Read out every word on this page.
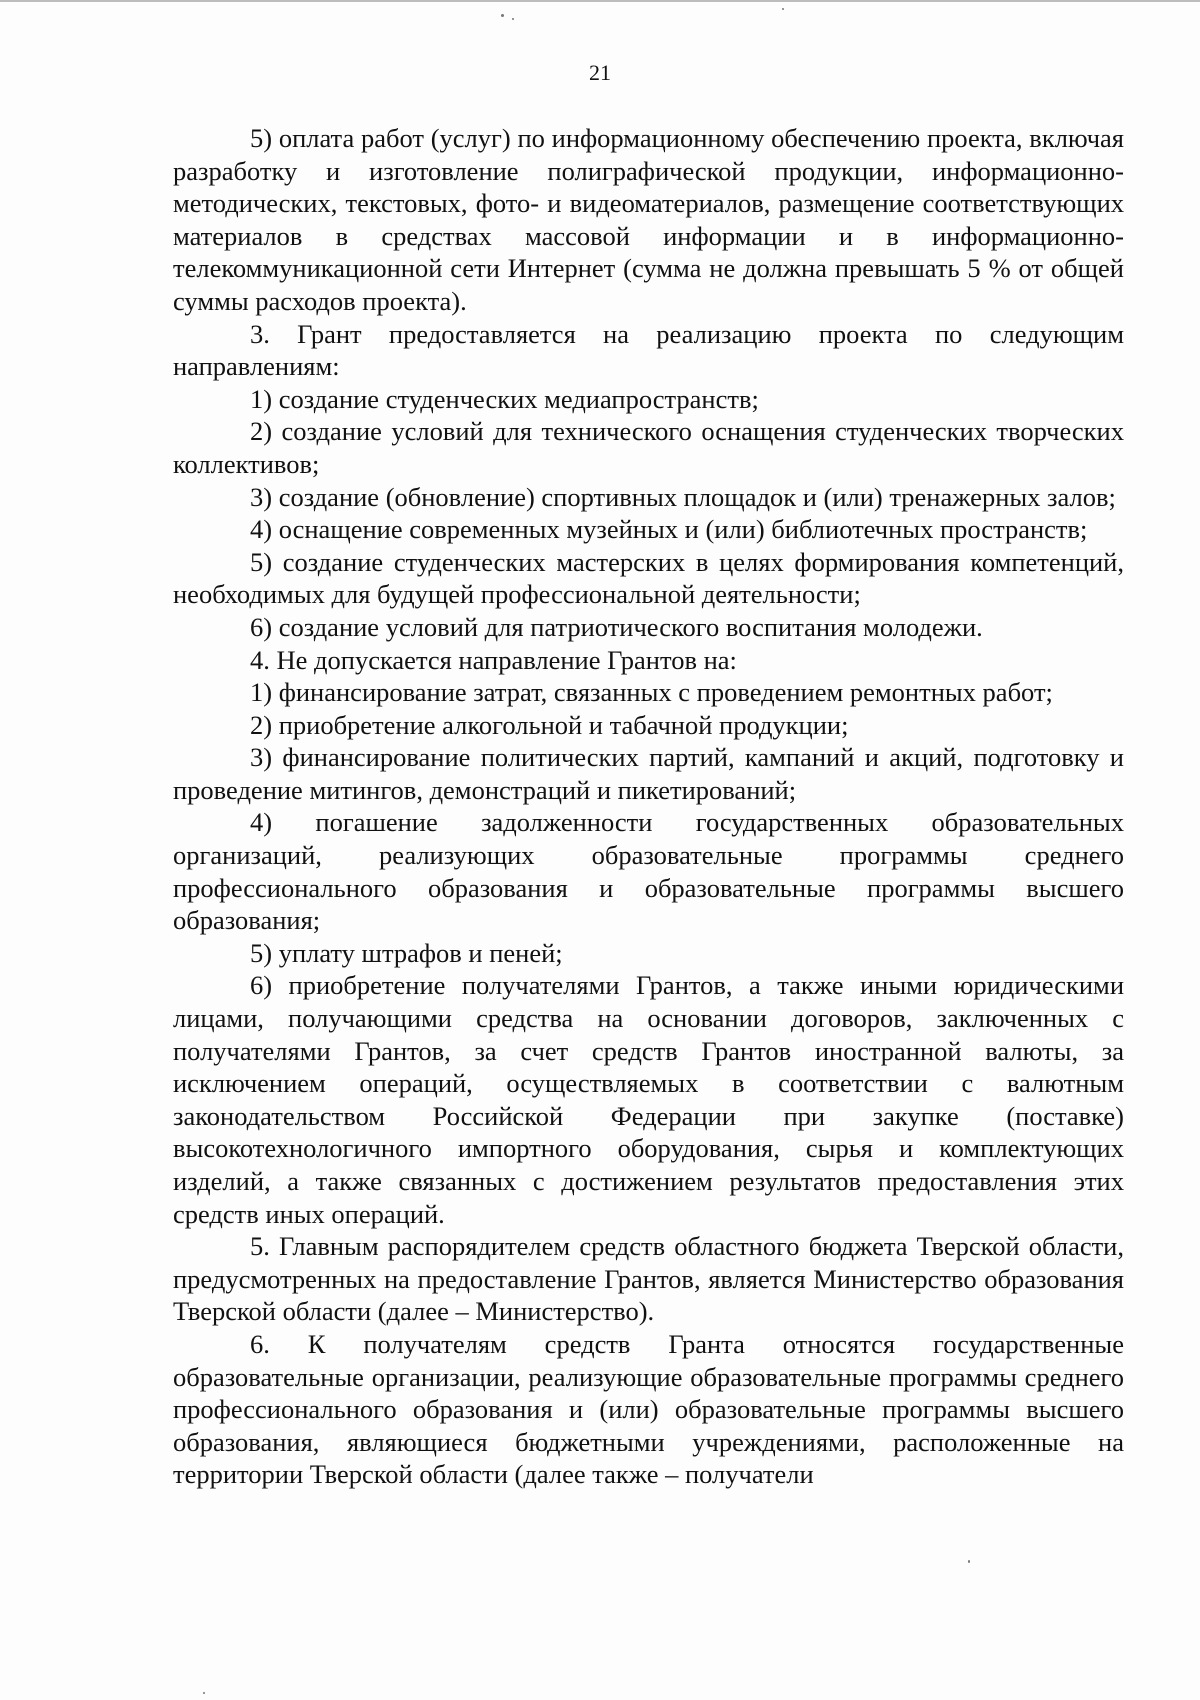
21

5) оплата работ (услуг) по информационному обеспечению проекта, включая разработку и изготовление полиграфической продукции, информационно-методических, текстовых, фото- и видеоматериалов, размещение соответствующих материалов в средствах массовой информации и в информационно-телекоммуникационной сети Интернет (сумма не должна превышать 5 % от общей суммы расходов проекта).

3. Грант предоставляется на реализацию проекта по следующим направлениям:

1) создание студенческих медиапространств;

2) создание условий для технического оснащения студенческих творческих коллективов;

3) создание (обновление) спортивных площадок и (или) тренажерных залов;

4) оснащение современных музейных и (или) библиотечных пространств;

5) создание студенческих мастерских в целях формирования компетенций, необходимых для будущей профессиональной деятельности;

6) создание условий для патриотического воспитания молодежи.

4. Не допускается направление Грантов на:

1) финансирование затрат, связанных с проведением ремонтных работ;

2) приобретение алкогольной и табачной продукции;

3) финансирование политических партий, кампаний и акций, подготовку и проведение митингов, демонстраций и пикетирований;

4) погашение задолженности государственных образовательных организаций, реализующих образовательные программы среднего профессионального образования и образовательные программы высшего образования;

5) уплату штрафов и пеней;

6) приобретение получателями Грантов, а также иными юридическими лицами, получающими средства на основании договоров, заключенных с получателями Грантов, за счет средств Грантов иностранной валюты, за исключением операций, осуществляемых в соответствии с валютным законодательством Российской Федерации при закупке (поставке) высокотехнологичного импортного оборудования, сырья и комплектующих изделий, а также связанных с достижением результатов предоставления этих средств иных операций.

5. Главным распорядителем средств областного бюджета Тверской области, предусмотренных на предоставление Грантов, является Министерство образования Тверской области (далее – Министерство).

6. К получателям средств Гранта относятся государственные образовательные организации, реализующие образовательные программы среднего профессионального образования и (или) образовательные программы высшего образования, являющиеся бюджетными учреждениями, расположенные на территории Тверской области (далее также – получатели
